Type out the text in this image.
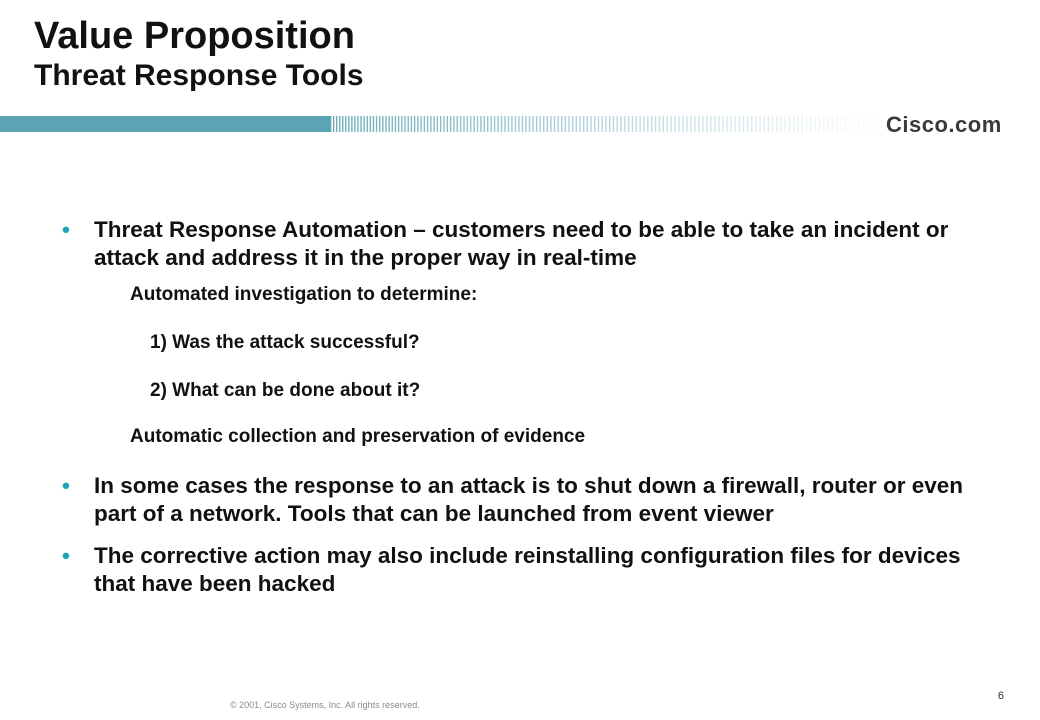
Value Proposition
Threat Response Tools
Cisco.com
• Threat Response Automation – customers need to be able to take an incident or attack and address it in the proper way in real-time
Automated investigation to determine:
1) Was the attack successful?
2) What can be done about it?
Automatic collection and preservation of evidence
• In some cases the response to an attack is to shut down a firewall, router or even part of a network. Tools that can be launched from event viewer
• The corrective action may also include reinstalling configuration files for devices that have been hacked
© 2001, Cisco Systems, Inc. All rights reserved.
6
